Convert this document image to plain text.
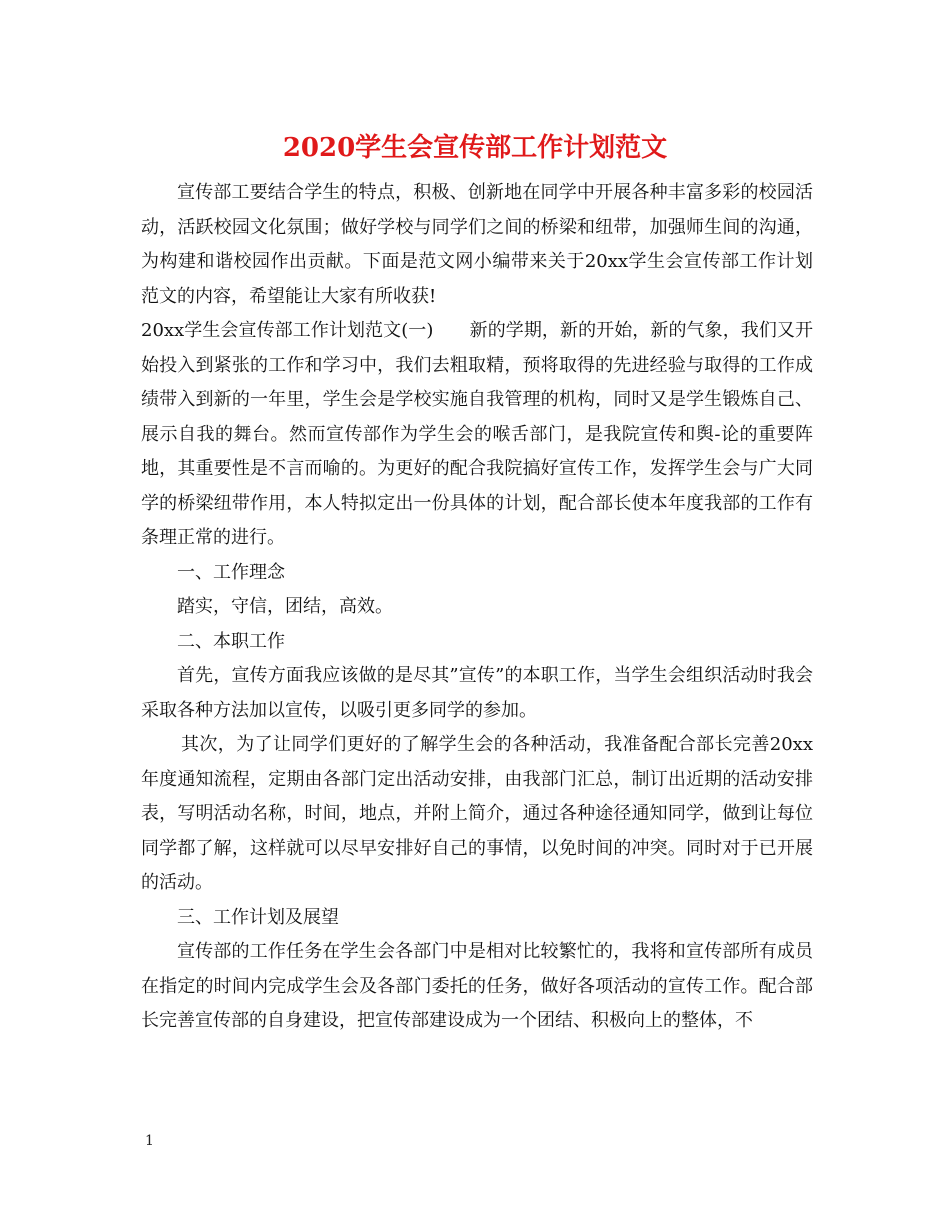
2020学生会宣传部工作计划范文

宣传部工要结合学生的特点，积极、创新地在同学中开展各种丰富多彩的校园活动，活跃校园文化氛围；做好学校与同学们之间的桥梁和纽带，加强师生间的沟通，为构建和谐校园作出贡献。下面是范文网小编带来关于20xx学生会宣传部工作计划范文的内容，希望能让大家有所收获!

20xx学生会宣传部工作计划范文(一)　　新的学期，新的开始，新的气象，我们又开始投入到紧张的工作和学习中，我们去粗取精，预将取得的先进经验与取得的工作成绩带入到新的一年里，学生会是学校实施自我管理的机构，同时又是学生锻炼自己、展示自我的舞台。然而宣传部作为学生会的喉舌部门，是我院宣传和舆-论的重要阵地，其重要性是不言而喻的。为更好的配合我院搞好宣传工作，发挥学生会与广大同学的桥梁纽带作用，本人特拟定出一份具体的计划，配合部长使本年度我部的工作有条理正常的进行。

一、工作理念

踏实，守信，团结，高效。

二、本职工作

首先，宣传方面我应该做的是尽其”宣传”的本职工作，当学生会组织活动时我会采取各种方法加以宣传，以吸引更多同学的参加。

其次，为了让同学们更好的了解学生会的各种活动，我准备配合部长完善20xx年度通知流程，定期由各部门定出活动安排，由我部门汇总，制订出近期的活动安排表，写明活动名称，时间，地点，并附上简介，通过各种途径通知同学，做到让每位同学都了解，这样就可以尽早安排好自己的事情，以免时间的冲突。同时对于已开展的活动。

三、工作计划及展望

宣传部的工作任务在学生会各部门中是相对比较繁忙的，我将和宣传部所有成员在指定的时间内完成学生会及各部门委托的任务，做好各项活动的宣传工作。配合部长完善宣传部的自身建设，把宣传部建设成为一个团结、积极向上的整体，不

1
